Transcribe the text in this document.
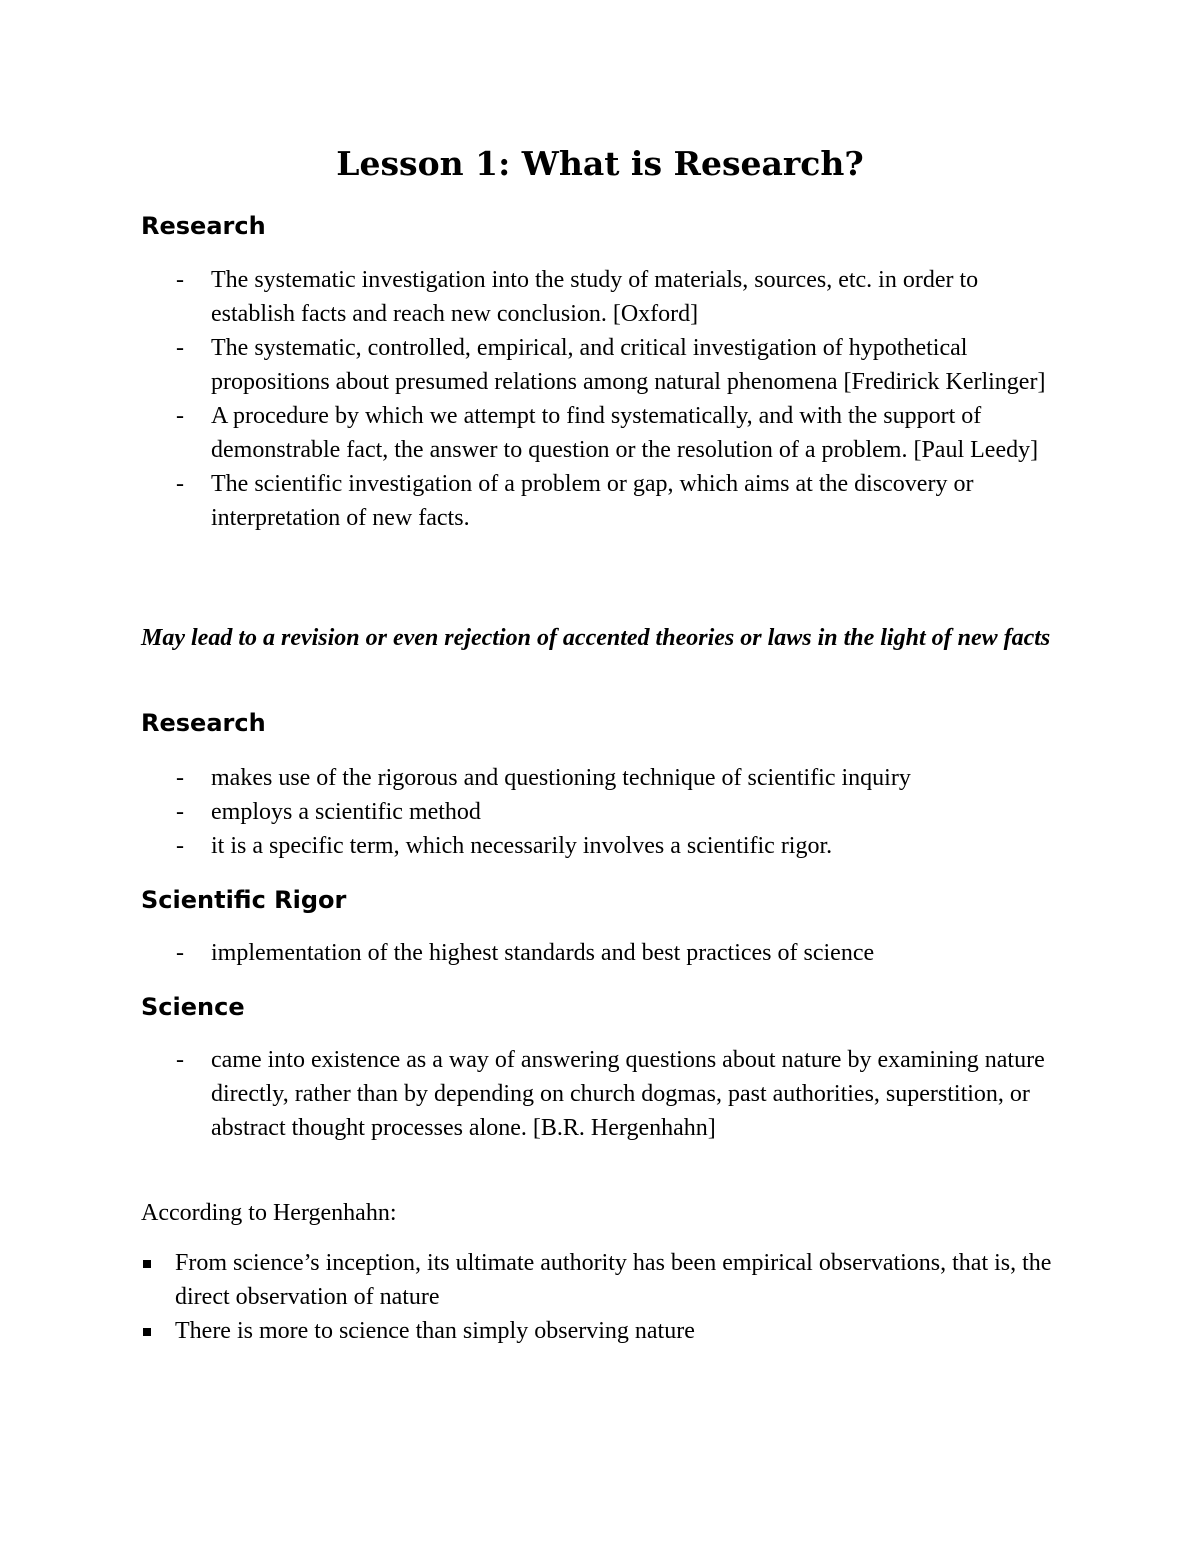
Lesson 1: What is Research?
Research
- The systematic investigation into the study of materials, sources, etc. in order to establish facts and reach new conclusion. [Oxford]
- The systematic, controlled, empirical, and critical investigation of hypothetical propositions about presumed relations among natural phenomena [Fredirick Kerlinger]
- A procedure by which we attempt to find systematically, and with the support of demonstrable fact, the answer to question or the resolution of a problem. [Paul Leedy]
- The scientific investigation of a problem or gap, which aims at the discovery or interpretation of new facts.

May lead to a revision or even rejection of accented theories or laws in the light of new facts

Research
- makes use of the rigorous and questioning technique of scientific inquiry
- employs a scientific method
- it is a specific term, which necessarily involves a scientific rigor.
Scientific Rigor
- implementation of the highest standards and best practices of science
Science
- came into existence as a way of answering questions about nature by examining nature directly, rather than by depending on church dogmas, past authorities, superstition, or abstract thought processes alone. [B.R. Hergenhahn]

According to Hergenhahn:

From science’s inception, its ultimate authority has been empirical observations, that is, the direct observation of nature
There is more to science than simply observing nature
